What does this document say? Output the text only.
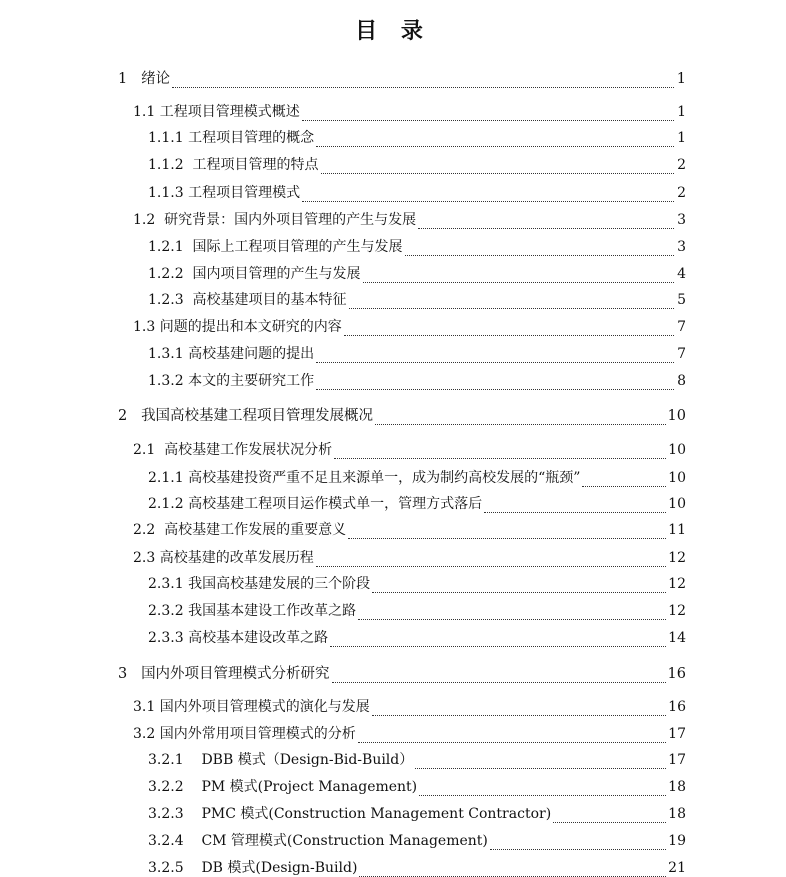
目 录
1 绪论	1
1.1 工程项目管理模式概述	1
1.1.1 工程项目管理的概念	1
1.1.2 工程项目管理的特点	2
1.1.3 工程项目管理模式	2
1.2 研究背景：国内外项目管理的产生与发展	3
1.2.1 国际上工程项目管理的产生与发展	3
1.2.2 国内项目管理的产生与发展	4
1.2.3 高校基建项目的基本特征	5
1.3 问题的提出和本文研究的内容	7
1.3.1 高校基建问题的提出	7
1.3.2 本文的主要研究工作	8
2 我国高校基建工程项目管理发展概况	10
2.1 高校基建工作发展状况分析	10
2.1.1 高校基建投资严重不足且来源单一，成为制约高校发展的“瓶颈”	10
2.1.2 高校基建工程项目运作模式单一，管理方式落后	10
2.2 高校基建工作发展的重要意义	11
2.3 高校基建的改革发展历程	12
2.3.1 我国高校基建发展的三个阶段	12
2.3.2 我国基本建设工作改革之路	12
2.3.3 高校基本建设改革之路	14
3 国内外项目管理模式分析研究	16
3.1 国内外项目管理模式的演化与发展	16
3.2 国内外常用项目管理模式的分析	17
3.2.1 DBB 模式（Design-Bid-Build）	17
3.2.2 PM 模式(Project Management)	18
3.2.3 PMC 模式(Construction Management Contractor)	18
3.2.4 CM 管理模式(Construction Management)	19
3.2.5 DB 模式(Design-Build)	21
